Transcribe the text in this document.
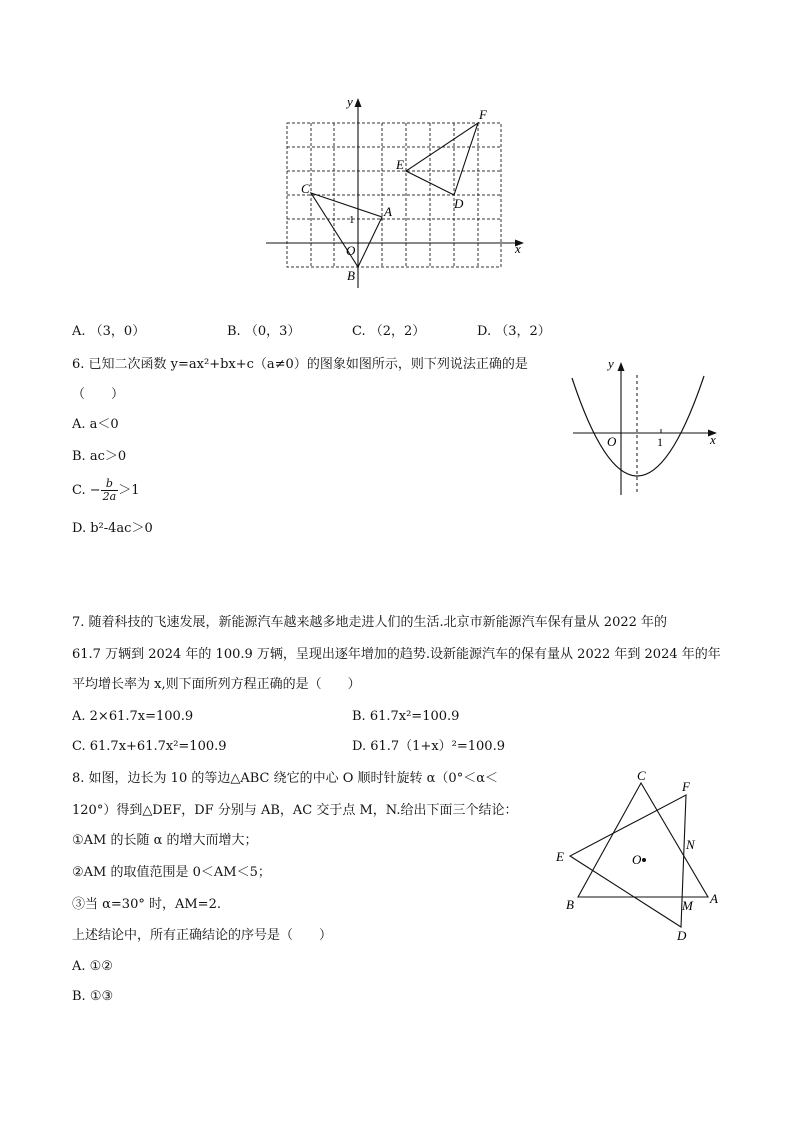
x
y
O
1
A
B
C
D
E
F
A. （3，0）	B. （0，3）	C. （2，2）	D. （3，2）
6. 已知二次函数 y=ax²+bx+c（a≠0）的图象如图所示，则下列说法正确的是
（　　）
A. a＜0
B. ac＞0
C. − $\frac{b}{2a} >1$
D. b²-4ac＞0
x
y
O	1
7. 随着科技的飞速发展，新能源汽车越来越多地走进人们的生活.北京市新能源汽车保有量从 2022 年的
61.7 万辆到 2024 年的 100.9 万辆，呈现出逐年增加的趋势.设新能源汽车的保有量从 2022 年到 2024 年的年
平均增长率为 x,则下面所列方程正确的是（　　）
A. 2×61.7x=100.9	B. 61.7x²=100.9
C. 61.7x+61.7x²=100.9	D. 61.7（1+x）²=100.9
8. 如图，边长为 10 的等边△ABC 绕它的中心 O 顺时针旋转 α（0°＜α＜
120°）得到△DEF，DF 分别与 AB，AC 交于点 M，N.给出下面三个结论：
①AM 的长随 α 的增大而增大；
②AM 的取值范围是 0＜AM＜5；
③当 α=30° 时，AM=2.
上述结论中，所有正确结论的序号是（　　）
A. ①②
B. ①③
A
B
C
D
E
F
M
N
O
